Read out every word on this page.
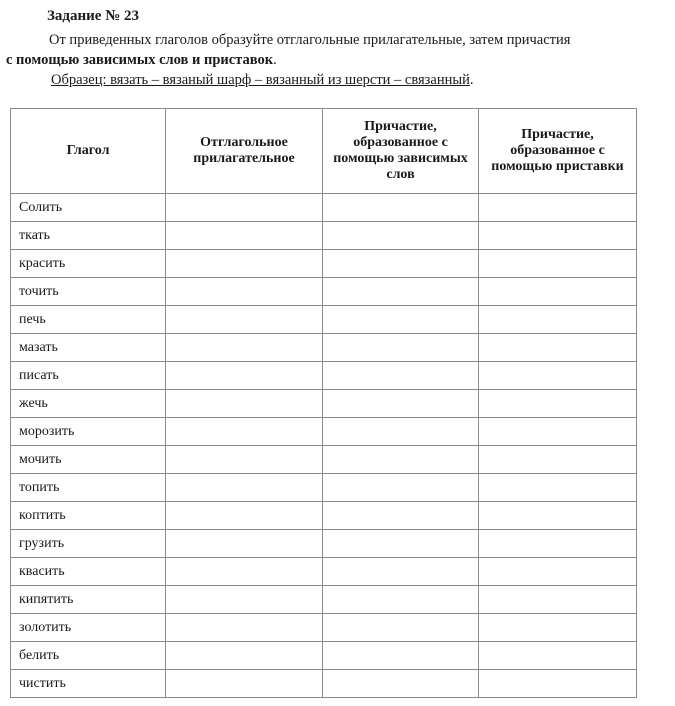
Задание № 23
От приведенных глаголов образуйте отглагольные прилагательные, затем причастия
с помощью зависимых слов и приставок.
Образец: вязать – вязаный шарф – вязанный из шерсти – связанный.
Глагол	Отглагольное прилагательное	Причастие, образованное с помощью зависимых слов	Причастие, образованное с помощью приставки
Солить			
ткать			
красить			
точить			
печь			
мазать			
писать			
жечь			
морозить			
мочить			
топить			
коптить			
грузить			
квасить			
кипятить			
золотить			
белить			
чистить			
